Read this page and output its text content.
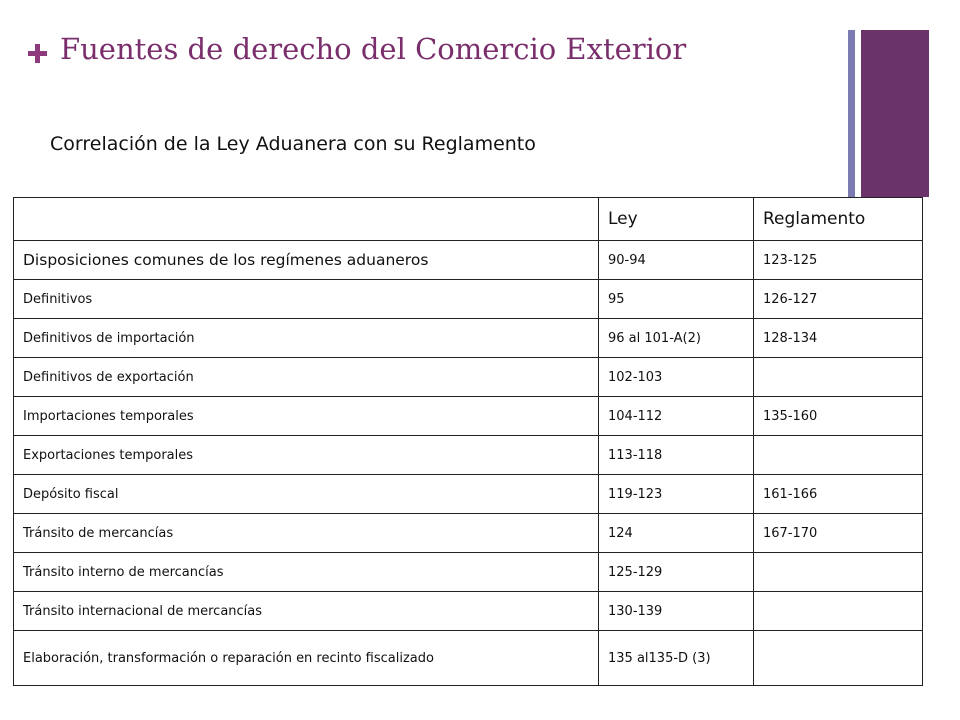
Fuentes de derecho del Comercio Exterior
Correlación de la Ley Aduanera con su Reglamento
	Ley	Reglamento
Disposiciones comunes de los regímenes aduaneros	90-94	123-125
Definitivos	95	126-127
Definitivos de importación	96 al 101-A(2)	128-134
Definitivos de exportación	102-103	
Importaciones temporales	104-112	135-160
Exportaciones temporales	113-118	
Depósito fiscal	119-123	161-166
Tránsito de mercancías	124	167-170
Tránsito interno de mercancías	125-129	
Tránsito internacional de mercancías	130-139	
Elaboración, transformación o reparación en recinto fiscalizado	135 al135-D (3)	
